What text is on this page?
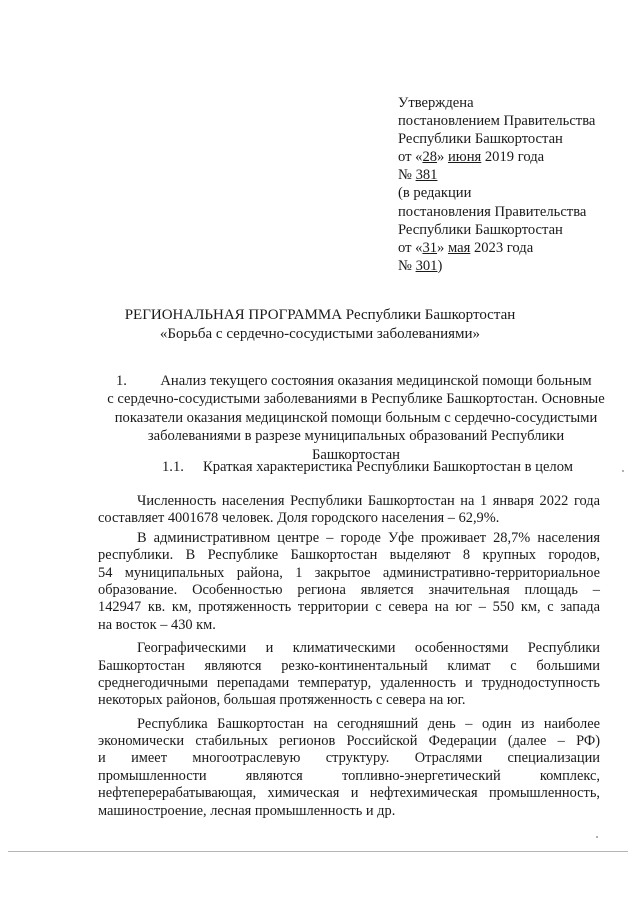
Утверждена
постановлением Правительства
Республики Башкортостан
от «28» июня 2019 года
№ 381
(в редакции
постановления Правительства
Республики Башкортостан
от «31» мая 2023 года
№ 301)
РЕГИОНАЛЬНАЯ ПРОГРАММА Республики Башкортостан
«Борьба с сердечно-сосудистыми заболеваниями»
1. Анализ текущего состояния оказания медицинской помощи больным
с сердечно-сосудистыми заболеваниями в Республике Башкортостан. Основные
показатели оказания медицинской помощи больным с сердечно-сосудистыми
заболеваниями в разрезе муниципальных образований Республики
Башкортостан
1.1. Краткая характеристика Республики Башкортостан в целом
Численность населения Республики Башкортостан на 1 января 2022 года
составляет 4001678 человек. Доля городского населения – 62,9%.
В административном центре – городе Уфе проживает 28,7% населения
республики. В Республике Башкортостан выделяют 8 крупных городов,
54 муниципальных района, 1 закрытое административно-территориальное
образование. Особенностью региона является значительная площадь –
142947 кв. км, протяженность территории с севера на юг – 550 км, с запада
на восток – 430 км.
Географическими и климатическими особенностями Республики
Башкортостан являются резко-континентальный климат с большими
среднегодичными перепадами температур, удаленность и труднодоступность
некоторых районов, большая протяженность с севера на юг.
Республика Башкортостан на сегодняшний день – один из наиболее
экономически стабильных регионов Российской Федерации (далее – РФ)
и имеет многоотраслевую структуру. Отраслями специализации
промышленности являются топливно-энергетический комплекс,
нефтеперерабатывающая, химическая и нефтехимическая промышленность,
машиностроение, лесная промышленность и др.
